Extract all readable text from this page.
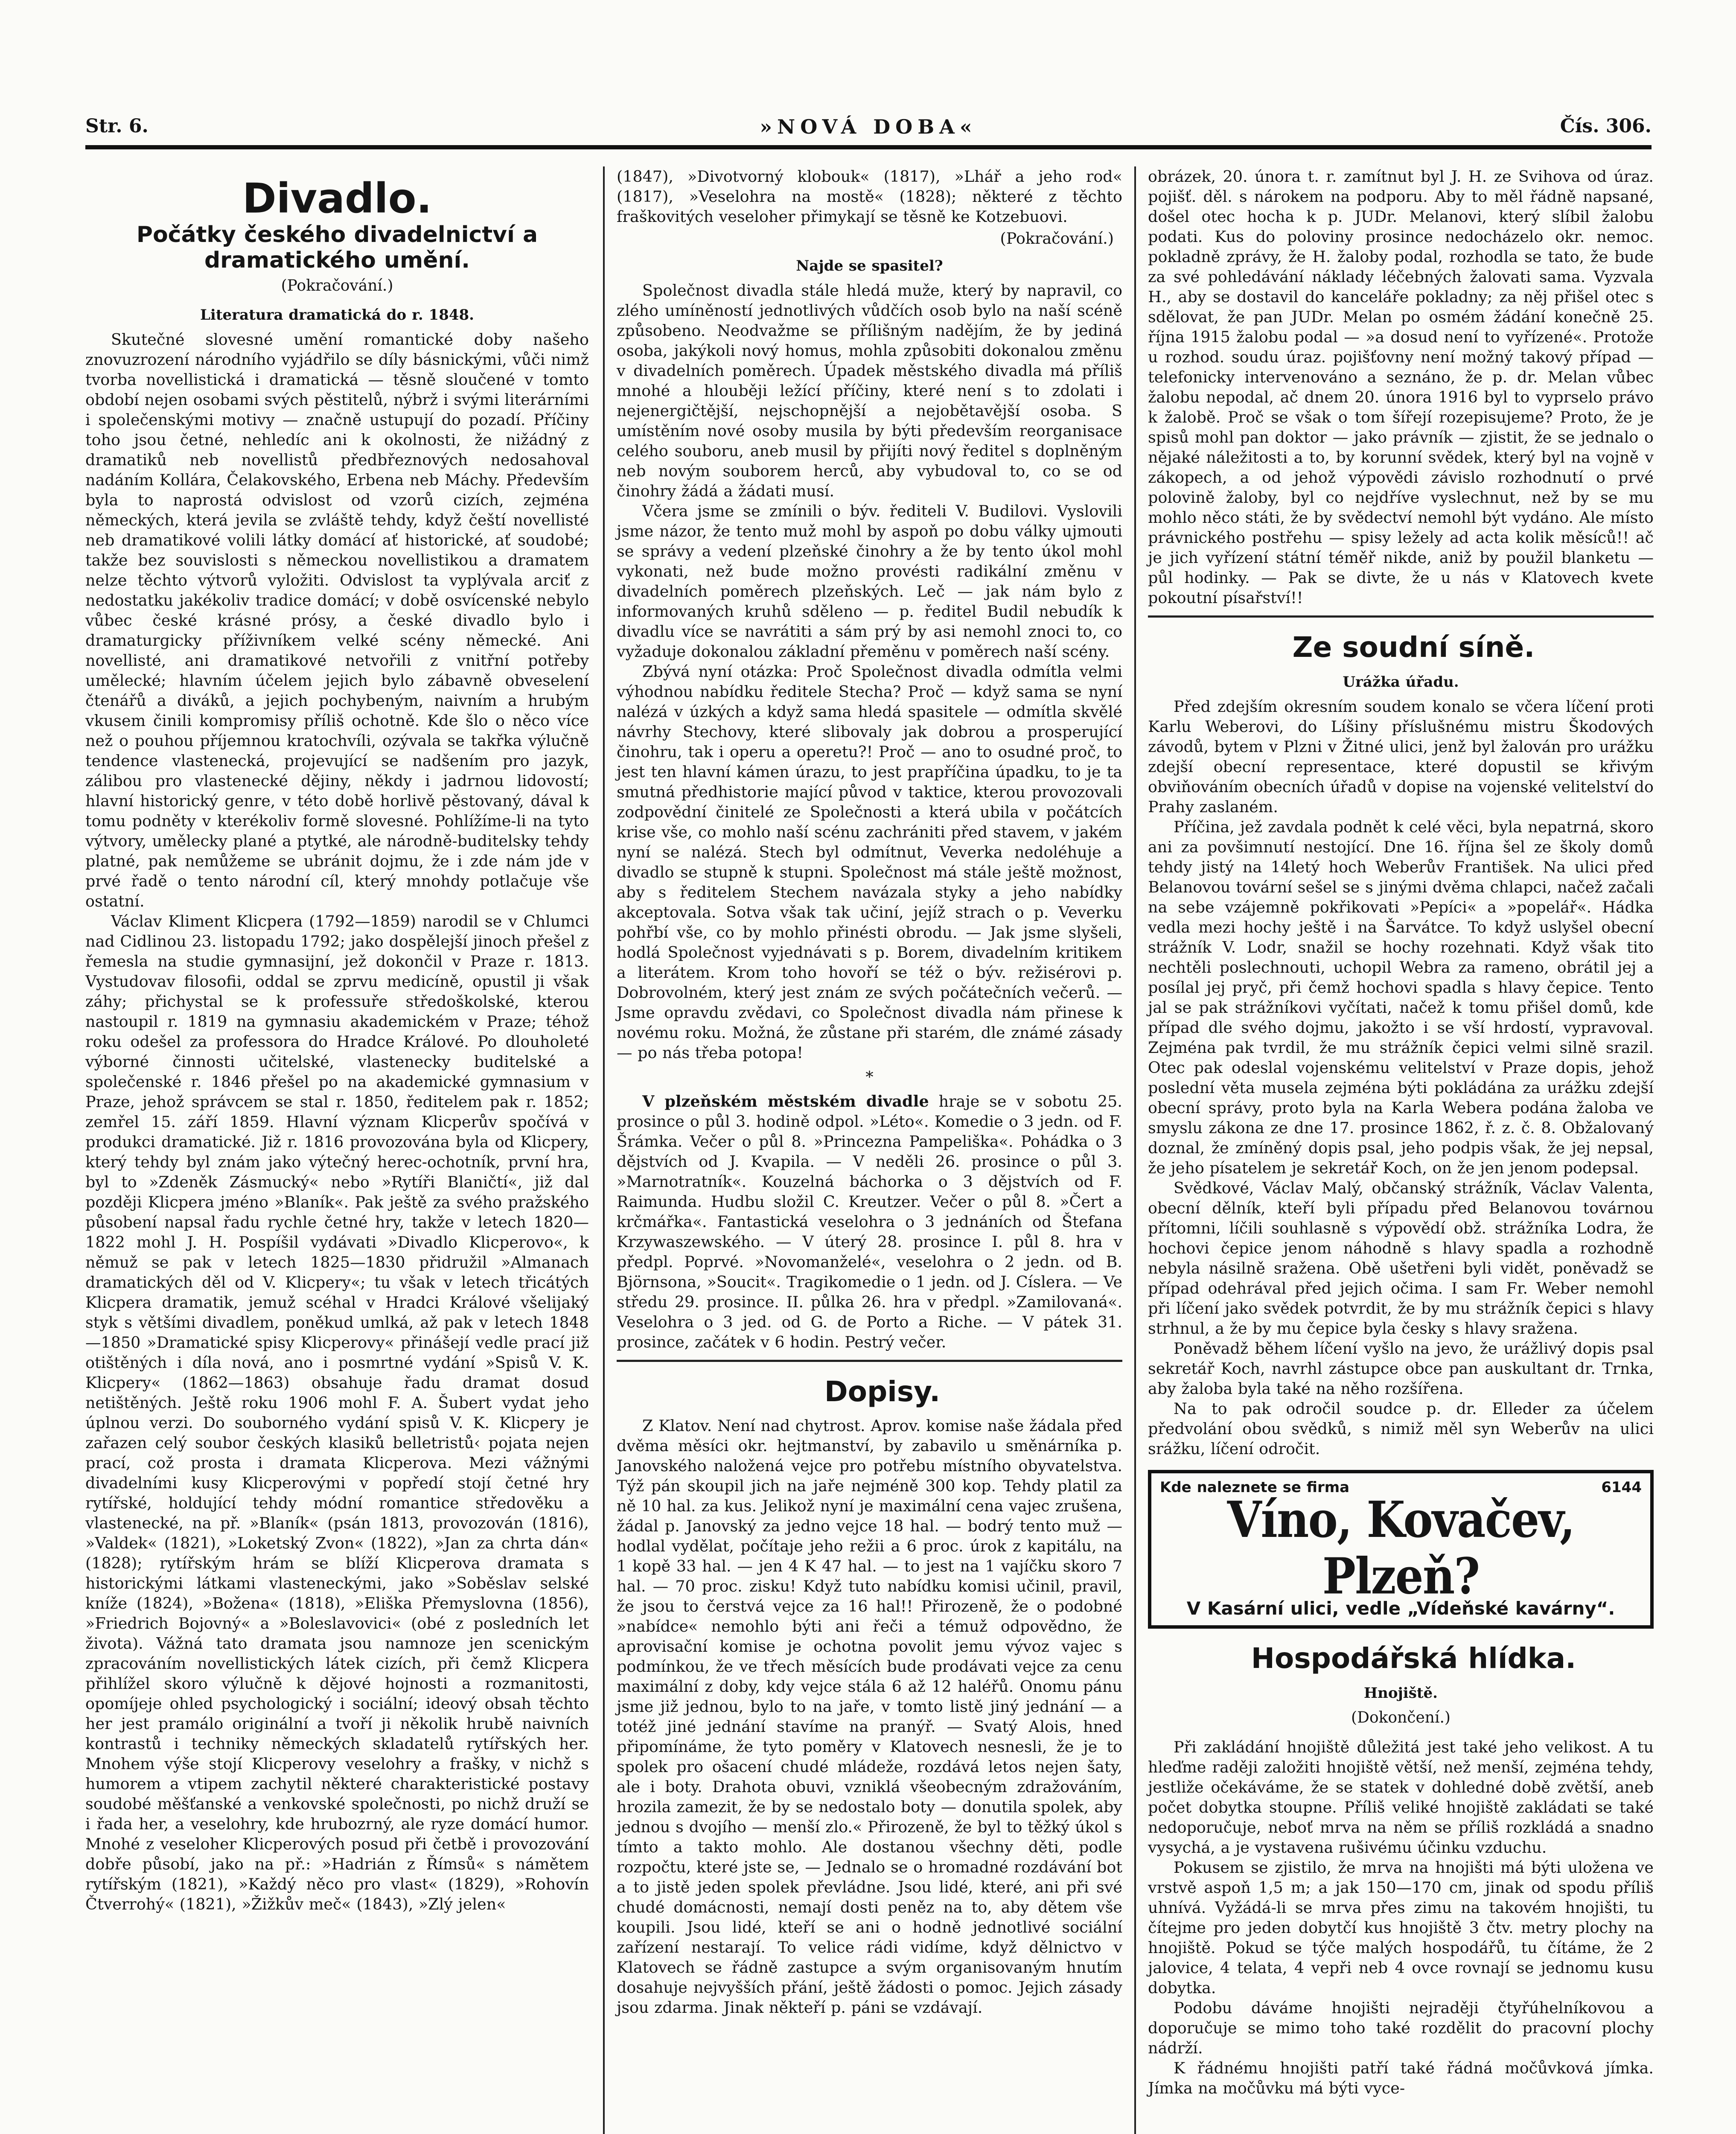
Str. 6.	»NOVÁ DOBA«	Čís. 306.

Divadlo.

Počátky českého divadelnictví a dramatického umění.

(Pokračování.)

Literatura dramatická do r. 1848.

Skutečné slovesné umění romantické doby našeho znovuzrození národního vyjádřilo se díly básnickými, vůči nimž tvorba novellistická i dramatická — těsně sloučené v tomto období nejen osobami svých pěstitelů, nýbrž i svými literárními i společenskými motivy — značně ustupují do pozadí. Příčiny toho jsou četné, nehledíc ani k okolnosti, že nižádný z dramatiků neb novellistů předbřeznových nedosahoval nadáním Kollára, Čelakovského, Erbena neb Máchy. Především byla to naprostá odvislost od vzorů cizích, zejména německých, která jevila se zvláště tehdy, když čeští novellisté neb dramatikové volili látky domácí ať historické, ať soudobé; takže bez souvislosti s německou novellistikou a dramatem nelze těchto výtvorů vyložiti. Odvislost ta vyplývala arciť z nedostatku jakékoliv tradice domácí; v době osvícenské nebylo vůbec české krásné prósy, a české divadlo bylo i dramaturgicky příživníkem velké scény německé. Ani novellisté, ani dramatikové netvořili z vnitřní potřeby umělecké; hlavním účelem jejich bylo zábavně obveselení čtenářů a diváků, a jejich pochybeným, naivním a hrubým vkusem činili kompromisy příliš ochotně. Kde šlo o něco více než o pouhou příjemnou kratochvíli, ozývala se takřka výlučně tendence vlastenecká, projevující se nadšením pro jazyk, zálibou pro vlastenecké dějiny, někdy i jadrnou lidovostí; hlavní historický genre, v této době horlivě pěstovaný, dával k tomu podněty v kterékoliv formě slovesné. Pohlížíme-li na tyto výtvory, umělecky plané a ptytké, ale národně-buditelsky tehdy platné, pak nemůžeme se ubránit dojmu, že i zde nám jde v prvé řadě o tento národní cíl, který mnohdy potlačuje vše ostatní.

Václav Kliment Klicpera (1792—1859) narodil se v Chlumci nad Cidlinou 23. listopadu 1792; jako dospělejší jinoch přešel z řemesla na studie gymnasijní, jež dokončil v Praze r. 1813. Vystudovav filosofii, oddal se zprvu medicíně, opustil ji však záhy; přichystal se k professuře středoškolské, kterou nastoupil r. 1819 na gymnasiu akademickém v Praze; téhož roku odešel za professora do Hradce Králové. Po dlouholeté výborné činnosti učitelské, vlastenecky buditelské a společenské r. 1846 přešel po na akademické gymnasium v Praze, jehož správcem se stal r. 1850, ředitelem pak r. 1852; zemřel 15. září 1859. Hlavní význam Klicperův spočívá v produkci dramatické. Již r. 1816 provozována byla od Klicpery, který tehdy byl znám jako výtečný herec-ochotník, první hra, byl to »Zdeněk Zásmucký« nebo »Rytíři Blaničtí«, již dal později Klicpera jméno »Blaník«. Pak ještě za svého pražského působení napsal řadu rychle četné hry, takže v letech 1820—1822 mohl J. H. Pospíšil vydávati »Divadlo Klicperovo«, k němuž se pak v letech 1825—1830 přidružil »Almanach dramatických děl od V. Klicpery«; tu však v letech třicátých Klicpera dramatik, jemuž scéhal v Hradci Králové všelijaký styk s většími divadlem, poněkud umlká, až pak v letech 1848—1850 »Dramatické spisy Klicperovy« přinášejí vedle prací již otištěných i díla nová, ano i posmrtné vydání »Spisů V. K. Klicpery« (1862—1863) obsahuje řadu dramat dosud netištěných. Ještě roku 1906 mohl F. A. Šubert vydat jeho úplnou verzi. Do souborného vydání spisů V. K. Klicpery je zařazen celý soubor českých klasiků belletristů‹ pojata nejen prací, což prosta i dramata Klicperova. Mezi vážnými divadelními kusy Klicperovými v popředí stojí četné hry rytířské, holdující tehdy módní romantice středověku a vlastenecké, na př. »Blaník« (psán 1813, provozován (1816), »Valdek« (1821), »Loketský Zvon« (1822), »Jan za chrta dán« (1828); rytířským hrám se blíží Klicperova dramata s historickými látkami vlasteneckými, jako »Soběslav selské kníže (1824), »Božena« (1818), »Eliška Přemyslovna (1856), »Friedrich Bojovný« a »Boleslavovici« (obé z posledních let života). Vážná tato dramata jsou namnoze jen scenickým zpracováním novellistických látek cizích, při čemž Klicpera přihlížel skoro výlučně k dějové hojnosti a rozmanitosti, opomíjeje ohled psychologický i sociální; ideový obsah těchto her jest pramálo originální a tvoří ji několik hrubě naivních kontrastů i techniky německých skladatelů rytířských her. Mnohem výše stojí Klicperovy veselohry a frašky, v nichž s humorem a vtipem zachytil některé charakteristické postavy soudobé měšťanské a venkovské společnosti, po nichž druží se i řada her, a veselohry, kde hrubozrný, ale ryze domácí humor. Mnohé z veseloher Klicperových posud při četbě i provozování dobře působí, jako na př.: »Hadrián z Římsů« s námětem rytířským (1821), »Každý něco pro vlast« (1829), »Rohovín Čtverrohý« (1821), »Žižkův meč« (1843), »Zlý jelen«

(1847), »Divotvorný klobouk« (1817), »Lhář a jeho rod« (1817), »Veselohra na mostě« (1828); některé z těchto fraškovitých veseloher přimykají se těsně ke Kotzebuovi.

(Pokračování.)

Najde se spasitel?

Společnost divadla stále hledá muže, který by napravil, co zlého umíněností jednotlivých vůdčích osob bylo na naší scéně způsobeno. Neodvažme se přílišným nadějím, že by jediná osoba, jakýkoli nový homus, mohla způsobiti dokonalou změnu v divadelních poměrech. Úpadek městského divadla má příliš mnohé a hlouběji ležící příčiny, které není s to zdolati i nejenergičtější, nejschopnější a nejobětavější osoba. S umístěním nové osoby musila by býti především reorganisace celého souboru, aneb musil by přijíti nový ředitel s doplněným neb novým souborem herců, aby vybudoval to, co se od činohry žádá a žádati musí.

Včera jsme se zmínili o býv. řediteli V. Budilovi. Vyslovili jsme názor, že tento muž mohl by aspoň po dobu války ujmouti se správy a vedení plzeňské činohry a že by tento úkol mohl vykonati, než bude možno provésti radikální změnu v divadelních poměrech plzeňských. Leč — jak nám bylo z informovaných kruhů sděleno — p. ředitel Budil nebudík k divadlu více se navrátiti a sám prý by asi nemohl znoci to, co vyžaduje dokonalou základní přeměnu v poměrech naší scény.

Zbývá nyní otázka: Proč Společnost divadla odmítla velmi výhodnou nabídku ředitele Stecha? Proč — když sama se nyní nalézá v úzkých a když sama hledá spasitele — odmítla skvělé návrhy Stechovy, které slibovaly jak dobrou a prosperující činohru, tak i operu a operetu?! Proč — ano to osudné proč, to jest ten hlavní kámen úrazu, to jest prapříčina úpadku, to je ta smutná předhistorie mající původ v taktice, kterou provozovali zodpovědní činitelé ze Společnosti a která ubila v počátcích krise vše, co mohlo naší scénu zachrániti před stavem, v jakém nyní se nalézá. Stech byl odmítnut, Veverka nedoléhuje a divadlo se stupně k stupni. Společnost má stále ještě možnost, aby s ředitelem Stechem navázala styky a jeho nabídky akceptovala. Sotva však tak učiní, jejíž strach o p. Veverku pohřbí vše, co by mohlo přinésti obrodu. — Jak jsme slyšeli, hodlá Společnost vyjednávati s p. Borem, divadelním kritikem a literátem. Krom toho hovoří se též o býv. režisérovi p. Dobrovolném, který jest znám ze svých počátečních večerů. — Jsme opravdu zvědavi, co Společnost divadla nám přinese k novému roku. Možná, že zůstane při starém, dle známé zásady — po nás třeba potopa!

*

V plzeňském městském divadle hraje se v sobotu 25. prosince o půl 3. hodině odpol. »Léto«. Komedie o 3 jedn. od F. Šrámka. Večer o půl 8. »Princezna Pampeliška«. Pohádka o 3 dějstvích od J. Kvapila. — V neděli 26. prosince o půl 3. »Marnotratník«. Kouzelná báchorka o 3 dějstvích od F. Raimunda. Hudbu složil C. Kreutzer. Večer o půl 8. »Čert a krčmářka«. Fantastická veselohra o 3 jednáních od Štefana Krzywaszewského. — V úterý 28. prosince I. půl 8. hra v předpl. Poprvé. »Novomanželé«, veselohra o 2 jedn. od B. Björnsona, »Soucit«. Tragikomedie o 1 jedn. od J. Císlera. — Ve středu 29. prosince. II. půlka 26. hra v předpl. »Zamilovaná«. Veselohra o 3 jed. od G. de Porto a Riche. — V pátek 31. prosince, začátek v 6 hodin. Pestrý večer.

Dopisy.

Z Klatov. Není nad chytrost. Aprov. komise naše žádala před dvěma měsíci okr. hejtmanství, by zabavilo u směnárníka p. Janovského naložená vejce pro potřebu místního obyvatelstva. Týž pán skoupil jich na jaře nejméně 300 kop. Tehdy platil za ně 10 hal. za kus. Jelikož nyní je maximální cena vajec zrušena, žádal p. Janovský za jedno vejce 18 hal. — bodrý tento muž — hodlal vydělat, počítaje jeho režii a 6 proc. úrok z kapitálu, na 1 kopě 33 hal. — jen 4 K 47 hal. — to jest na 1 vajíčku skoro 7 hal. — 70 proc. zisku! Když tuto nabídku komisi učinil, pravil, že jsou to čerstvá vejce za 16 hal!! Přirozeně, že o podobné »nabídce« nemohlo býti ani řeči a témuž odpovědno, že aprovisační komise je ochotna povolit jemu vývoz vajec s podmínkou, že ve třech měsících bude prodávati vejce za cenu maximální z doby, kdy vejce stála 6 až 12 haléřů. Onomu pánu jsme již jednou, bylo to na jaře, v tomto listě jiný jednání — a totéž jiné jednání stavíme na pranýř. — Svatý Alois, hned připomínáme, že tyto poměry v Klatovech nesnesli, že je to spolek pro ošacení chudé mládeže, rozdává letos nejen šaty, ale i boty. Drahota obuvi, vzniklá všeobecným zdražováním, hrozila zamezit, že by se nedostalo boty — donutila spolek, aby jednou s dvojího — menší zlo.« Přirozeně, že byl to těžký úkol s tímto a takto mohlo. Ale dostanou všechny děti, podle rozpočtu, které jste se, — Jednalo se o hromadné rozdávání bot a to jistě jeden spolek převládne. Jsou lidé, které, ani při své chudé domácnosti, nemají dosti peněz na to, aby dětem vše koupili. Jsou lidé, kteří se ani o hodně jednotlivé sociální zařízení nestarají. To velice rádi vidíme, když dělnictvo v Klatovech se řádně zastupce a svým organisovaným hnutím dosahuje nejvyšších přání, ještě žádosti o pomoc. Jejich zásady jsou zdarma. Jinak někteří p. páni se vzdávají.

obrázek, 20. února t. r. zamítnut byl J. H. ze Svihova od úraz. pojišť. děl. s nárokem na podporu. Aby to měl řádně napsané, došel otec hocha k p. JUDr. Melanovi, který slíbil žalobu podati. Kus do poloviny prosince nedocházelo okr. nemoc. pokladně zprávy, že H. žaloby podal, rozhodla se tato, že bude za své pohledávání náklady léčebných žalovati sama. Vyzvala H., aby se dostavil do kanceláře pokladny; za něj přišel otec s sdělovat, že pan JUDr. Melan po osmém žádání konečně 25. října 1915 žalobu podal — »a dosud není to vyřízené«. Protože u rozhod. soudu úraz. pojišťovny není možný takový případ — telefonicky intervenováno a seznáno, že p. dr. Melan vůbec žalobu nepodal, ač dnem 20. února 1916 byl to vyprselo právo k žalobě. Proč se však o tom šířejí rozepisujeme? Proto, že je spisů mohl pan doktor — jako právník — zjistit, že se jednalo o nějaké náležitosti a to, by korunní svědek, který byl na vojně v zákopech, a od jehož výpovědi závislo rozhodnutí o prvé polovině žaloby, byl co nejdříve vyslechnut, než by se mu mohlo něco státi, že by svědectví nemohl být vydáno. Ale místo právnického postřehu — spisy ležely ad acta kolik měsíců!! ač je jich vyřízení státní téměř nikde, aniž by použil blanketu — půl hodinky. — Pak se divte, že u nás v Klatovech kvete pokoutní písařství!!

Ze soudní síně.

Urážka úřadu.

Před zdejším okresním soudem konalo se včera líčení proti Karlu Weberovi, do Líšiny příslušnému mistru Škodových závodů, bytem v Plzni v Žitné ulici, jenž byl žalován pro urážku zdejší obecní representace, které dopustil se křivým obviňováním obecních úřadů v dopise na vojenské velitelství do Prahy zaslaném.

Příčina, jež zavdala podnět k celé věci, byla nepatrná, skoro ani za povšimnutí nestojící. Dne 16. října šel ze školy domů tehdy jistý na 14letý hoch Weberův František. Na ulici před Belanovou tovární sešel se s jinými dvěma chlapci, načež začali na sebe vzájemně pokřikovati »Pepíci« a »popelář«. Hádka vedla mezi hochy ještě i na Šarvátce. To když uslyšel obecní strážník V. Lodr, snažil se hochy rozehnati. Když však tito nechtěli poslechnouti, uchopil Webra za rameno, obrátil jej a posílal jej pryč, při čemž hochovi spadla s hlavy čepice. Tento jal se pak strážníkovi vyčítati, načež k tomu přišel domů, kde případ dle svého dojmu, jakožto i se vší hrdostí, vypravoval. Zejména pak tvrdil, že mu strážník čepici velmi silně srazil. Otec pak odeslal vojenskému velitelství v Praze dopis, jehož poslední věta musela zejména býti pokládána za urážku zdejší obecní správy, proto byla na Karla Webera podána žaloba ve smyslu zákona ze dne 17. prosince 1862, ř. z. č. 8. Obžalovaný doznal, že zmíněný dopis psal, jeho podpis však, že jej nepsal, že jeho písatelem je sekretář Koch, on že jen jenom podepsal.

Svědkové, Václav Malý, občanský strážník, Václav Valenta, obecní dělník, kteří byli případu před Belanovou továrnou přítomni, líčili souhlasně s výpovědí obž. strážníka Lodra, že hochovi čepice jenom náhodně s hlavy spadla a rozhodně nebyla násilně sražena. Obě ušetřeni byli vidět, poněvadž se případ odehrával před jejich očima. I sam Fr. Weber nemohl při líčení jako svědek potvrdit, že by mu strážník čepici s hlavy strhnul, a že by mu čepice byla česky s hlavy sražena.

Poněvadž během líčení vyšlo na jevo, že urážlivý dopis psal sekretář Koch, navrhl zástupce obce pan auskultant dr. Trnka, aby žaloba byla také na něho rozšířena.

Na to pak odročil soudce p. dr. Elleder za účelem předvolání obou svědků, s nimiž měl syn Weberův na ulici srážku, líčení odročit.

Kde naleznete se firma	6144
Víno, Kovačev, Plzeň?
V Kasární ulici, vedle „Vídeňské kavárny“.

Hospodářská hlídka.

Hnojiště.

(Dokončení.)

Při zakládání hnojiště důležitá jest také jeho velikost. A tu hleďme raději založiti hnojiště větší, než menší, zejména tehdy, jestliže očekáváme, že se statek v dohledné době zvětší, aneb počet dobytka stoupne. Příliš veliké hnojiště zakládati se také nedoporučuje, neboť mrva na něm se příliš rozkládá a snadno vysychá, a je vystavena rušivému účinku vzduchu.

Pokusem se zjistilo, že mrva na hnojišti má býti uložena ve vrstvě aspoň 1,5 m; a jak 150—170 cm, jinak od spodu příliš uhnívá. Vyžádá-li se mrva přes zimu na takovém hnojišti, tu čítejme pro jeden dobytčí kus hnojiště 3 čtv. metry plochy na hnojiště. Pokud se týče malých hospodářů, tu čítáme, že 2 jalovice, 4 telata, 4 vepři neb 4 ovce rovnají se jednomu kusu dobytka.

Podobu dáváme hnojišti nejraději čtyřúhelníkovou a doporučuje se mimo toho také rozdělit do pracovní plochy nádrží.

K řádnému hnojišti patří také řádná močůvková jímka. Jímka na močůvku má býti vyce-
